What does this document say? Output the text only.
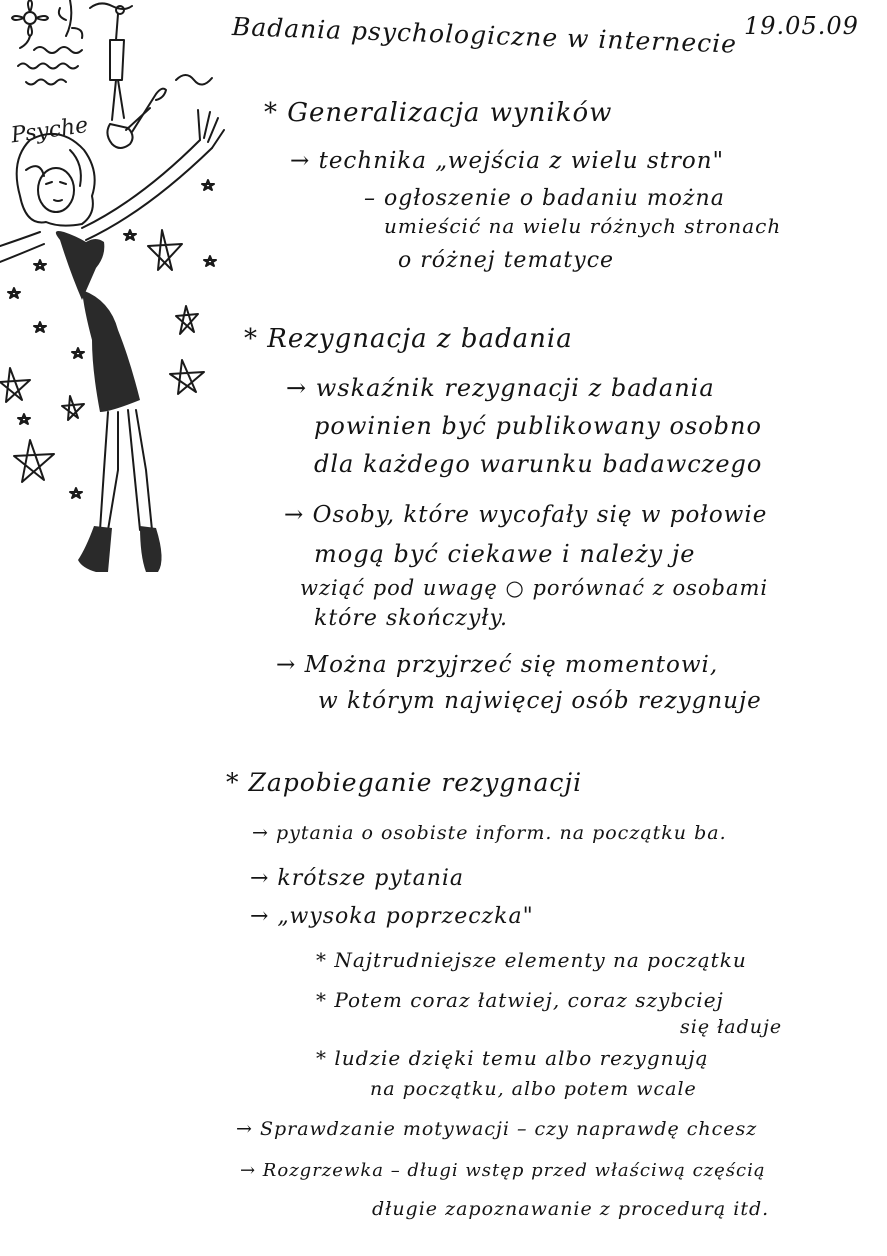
Psyche
Badania psychologiczne w internecie 19.05.09
* Generalizacja wyników
→ technika „wejścia z wielu stron"
– ogłoszenie o badaniu można
umieścić na wielu różnych stronach
o różnej tematyce
* Rezygnacja z badania
→ wskaźnik rezygnacji z badania
powinien być publikowany osobno
dla każdego warunku badawczego
→ Osoby, które wycofały się w połowie
mogą być ciekawe i należy je
wziąć pod uwagę ○ porównać z osobami
które skończyły.
→ Można przyjrzeć się momentowi,
w którym najwięcej osób rezygnuje
* Zapobieganie rezygnacji
→ pytania o osobiste inform. na początku ba.
→ krótsze pytania
→ „wysoka poprzeczka"
* Najtrudniejsze elementy na początku
* Potem coraz łatwiej, coraz szybciej
się ładuje
* ludzie dzięki temu albo rezygnują
na początku, albo potem wcale
→ Sprawdzanie motywacji – czy naprawdę chcesz
→ Rozgrzewka – długi wstęp przed właściwą częścią
długie zapoznawanie z procedurą itd.
